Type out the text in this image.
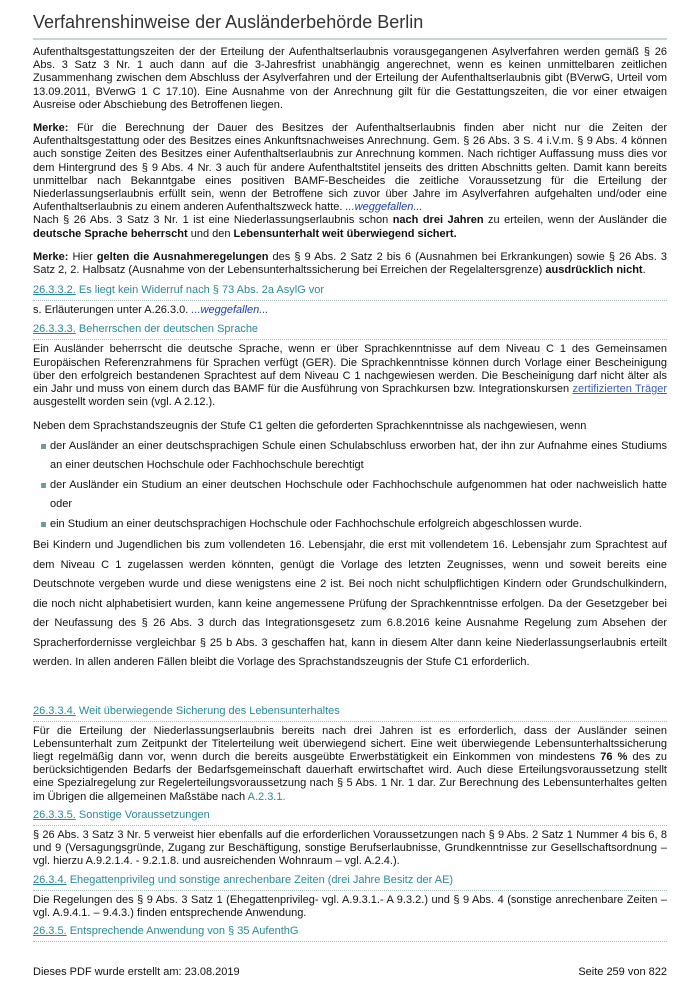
Verfahrenshinweise der Ausländerbehörde Berlin

Aufenthaltsgestattungszeiten der der Erteilung der Aufenthaltserlaubnis vorausgegangenen Asylverfahren werden gemäß § 26 Abs. 3 Satz 3 Nr. 1 auch dann auf die 3-Jahresfrist unabhängig angerechnet, wenn es keinen unmittelbaren zeitlichen Zusammenhang zwischen dem Abschluss der Asylverfahren und der Erteilung der Aufenthaltserlaubnis gibt (BVerwG, Urteil vom 13.09.2011, BVerwG 1 C 17.10). Eine Ausnahme von der Anrechnung gilt für die Gestattungszeiten, die vor einer etwaigen Ausreise oder Abschiebung des Betroffenen liegen.

Merke: Für die Berechnung der Dauer des Besitzes der Aufenthaltserlaubnis finden aber nicht nur die Zeiten der Aufenthaltsgestattung oder des Besitzes eines Ankunftsnachweises Anrechnung. Gem. § 26 Abs. 3 S. 4 i.V.m. § 9 Abs. 4 können auch sonstige Zeiten des Besitzes einer Aufenthaltserlaubnis zur Anrechnung kommen. Nach richtiger Auffassung muss dies vor dem Hintergrund des § 9 Abs. 4 Nr. 3 auch für andere Aufenthaltstitel jenseits des dritten Abschnitts gelten. Damit kann bereits unmittelbar nach Bekanntgabe eines positiven BAMF-Bescheides die zeitliche Voraussetzung für die Erteilung der Niederlassungserlaubnis erfüllt sein, wenn der Betroffene sich zuvor über Jahre im Asylverfahren aufgehalten und/oder eine Aufenthaltserlaubnis zu einem anderen Aufenthaltszweck hatte. ...weggefallen...

Nach § 26 Abs. 3 Satz 3 Nr. 1 ist eine Niederlassungserlaubnis schon nach drei Jahren zu erteilen, wenn der Ausländer die deutsche Sprache beherrscht und den Lebensunterhalt weit überwiegend sichert.

Merke: Hier gelten die Ausnahmeregelungen des § 9 Abs. 2 Satz 2 bis 6 (Ausnahmen bei Erkrankungen) sowie § 26 Abs. 3 Satz 2, 2. Halbsatz (Ausnahme von der Lebensunterhaltssicherung bei Erreichen der Regelaltersgrenze) ausdrücklich nicht.

26.3.3.2. Es liegt kein Widerruf nach § 73 Abs. 2a AsylG vor

s. Erläuterungen unter A.26.3.0. ...weggefallen...

26.3.3.3. Beherrschen der deutschen Sprache

Ein Ausländer beherrscht die deutsche Sprache, wenn er über Sprachkenntnisse auf dem Niveau C 1 des Gemeinsamen Europäischen Referenzrahmens für Sprachen verfügt (GER). Die Sprachkenntnisse können durch Vorlage einer Bescheinigung über den erfolgreich bestandenen Sprachtest auf dem Niveau C 1 nachgewiesen werden. Die Bescheinigung darf nicht älter als ein Jahr und muss von einem durch das BAMF für die Ausführung von Sprachkursen bzw. Integrationskursen zertifizierten Träger ausgestellt worden sein (vgl. A 2.12.).

Neben dem Sprachstandszeugnis der Stufe C1 gelten die geforderten Sprachkenntnisse als nachgewiesen, wenn

der Ausländer an einer deutschsprachigen Schule einen Schulabschluss erworben hat, der ihn zur Aufnahme eines Studiums an einer deutschen Hochschule oder Fachhochschule berechtigt
der Ausländer ein Studium an einer deutschen Hochschule oder Fachhochschule aufgenommen hat oder nachweislich hatte oder
ein Studium an einer deutschsprachigen Hochschule oder Fachhochschule erfolgreich abgeschlossen wurde.

Bei Kindern und Jugendlichen bis zum vollendeten 16. Lebensjahr, die erst mit vollendetem 16. Lebensjahr zum Sprachtest auf dem Niveau C 1 zugelassen werden könnten, genügt die Vorlage des letzten Zeugnisses, wenn und soweit bereits eine Deutschnote vergeben wurde und diese wenigstens eine 2 ist. Bei noch nicht schulpflichtigen Kindern oder Grundschulkindern, die noch nicht alphabetisiert wurden, kann keine angemessene Prüfung der Sprachkenntnisse erfolgen. Da der Gesetzgeber bei der Neufassung des § 26 Abs. 3 durch das Integrationsgesetz zum 6.8.2016 keine Ausnahme Regelung zum Absehen der Spracherfordernisse vergleichbar § 25 b Abs. 3 geschaffen hat, kann in diesem Alter dann keine Niederlassungserlaubnis erteilt werden. In allen anderen Fällen bleibt die Vorlage des Sprachstandszeugnis der Stufe C1 erforderlich.

26.3.3.4. Weit überwiegende Sicherung des Lebensunterhaltes

Für die Erteilung der Niederlassungserlaubnis bereits nach drei Jahren ist es erforderlich, dass der Ausländer seinen Lebensunterhalt zum Zeitpunkt der Titelerteilung weit überwiegend sichert. Eine weit überwiegende Lebensunterhaltssicherung liegt regelmäßig dann vor, wenn durch die bereits ausgeübte Erwerbstätigkeit ein Einkommen von mindestens 76 % des zu berücksichtigenden Bedarfs der Bedarfsgemeinschaft dauerhaft erwirtschaftet wird. Auch diese Erteilungsvoraussetzung stellt eine Spezialregelung zur Regelerteilungsvoraussetzung nach § 5 Abs. 1 Nr. 1 dar. Zur Berechnung des Lebensunterhaltes gelten im Übrigen die allgemeinen Maßstäbe nach A.2.3.1.

26.3.3.5. Sonstige Voraussetzungen

§ 26 Abs. 3 Satz 3 Nr. 5 verweist hier ebenfalls auf die erforderlichen Voraussetzungen nach § 9 Abs. 2 Satz 1 Nummer 4 bis 6, 8 und 9 (Versagungsgründe, Zugang zur Beschäftigung, sonstige Berufserlaubnisse, Grundkenntnisse zur Gesellschaftsordnung – vgl. hierzu A.9.2.1.4. - 9.2.1.8. und ausreichenden Wohnraum – vgl. A.2.4.).

26.3.4. Ehegattenprivileg und sonstige anrechenbare Zeiten (drei Jahre Besitz der AE)

Die Regelungen des § 9 Abs. 3 Satz 1 (Ehegattenprivileg- vgl. A.9.3.1.- A 9.3.2.) und § 9 Abs. 4 (sonstige anrechenbare Zeiten – vgl. A.9.4.1. – 9.4.3.) finden entsprechende Anwendung.

26.3.5. Entsprechende Anwendung von § 35 AufenthG

Dieses PDF wurde erstellt am: 23.08.2019	Seite 259 von 822
